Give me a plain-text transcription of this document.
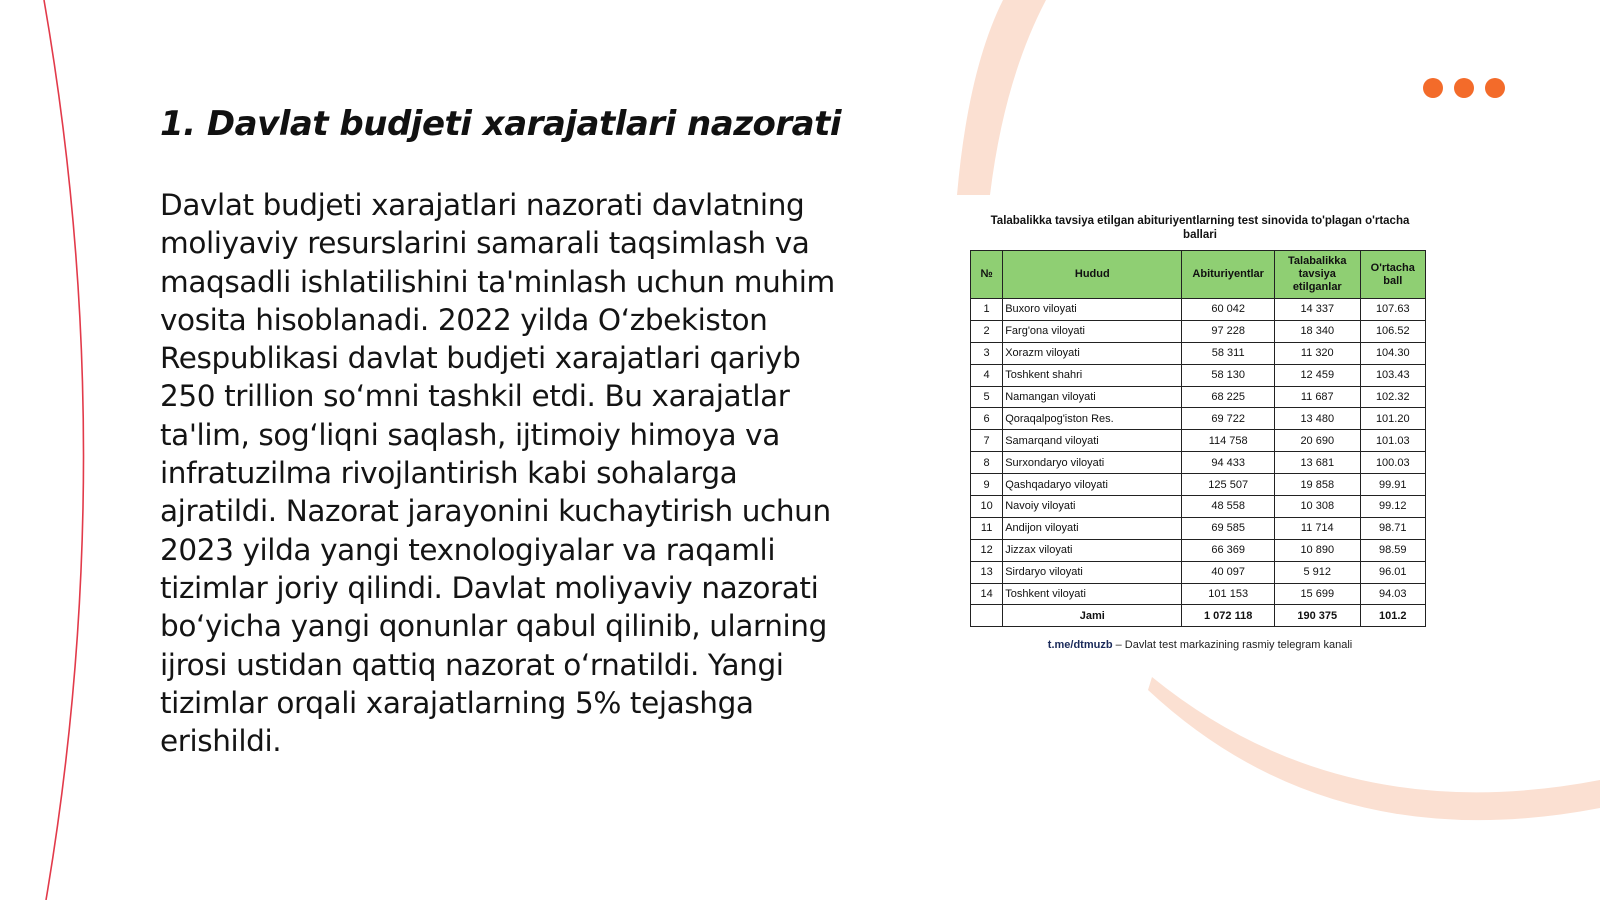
1. Davlat budjeti xarajatlari nazorati

Davlat budjeti xarajatlari nazorati davlatning moliyaviy resurslarini samarali taqsimlash va maqsadli ishlatilishini ta'minlash uchun muhim vosita hisoblanadi. 2022 yilda O‘zbekiston Respublikasi davlat budjeti xarajatlari qariyb 250 trillion so‘mni tashkil etdi. Bu xarajatlar ta'lim, sog‘liqni saqlash, ijtimoiy himoya va infratuzilma rivojlantirish kabi sohalarga ajratildi. Nazorat jarayonini kuchaytirish uchun 2023 yilda yangi texnologiyalar va raqamli tizimlar joriy qilindi. Davlat moliyaviy nazorati bo‘yicha yangi qonunlar qabul qilinib, ularning ijrosi ustidan qattiq nazorat o‘rnatildi. Yangi tizimlar orqali xarajatlarning 5% tejashga erishildi.

Talabalikka tavsiya etilgan abituriyentlarning test sinovida to'plagan o'rtacha ballari
№	Hudud	Abituriyentlar	Talabalikka tavsiya etilganlar	O'rtacha ball
1	Buxoro viloyati	60 042	14 337	107.63
2	Farg'ona viloyati	97 228	18 340	106.52
3	Xorazm viloyati	58 311	11 320	104.30
4	Toshkent shahri	58 130	12 459	103.43
5	Namangan viloyati	68 225	11 687	102.32
6	Qoraqalpog'iston Res.	69 722	13 480	101.20
7	Samarqand viloyati	114 758	20 690	101.03
8	Surxondaryo viloyati	94 433	13 681	100.03
9	Qashqadaryo viloyati	125 507	19 858	99.91
10	Navoiy viloyati	48 558	10 308	99.12
11	Andijon viloyati	69 585	11 714	98.71
12	Jizzax viloyati	66 369	10 890	98.59
13	Sirdaryo viloyati	40 097	5 912	96.01
14	Toshkent viloyati	101 153	15 699	94.03
	Jami	1 072 118	190 375	101.2
t.me/dtmuzb – Davlat test markazining rasmiy telegram kanali
